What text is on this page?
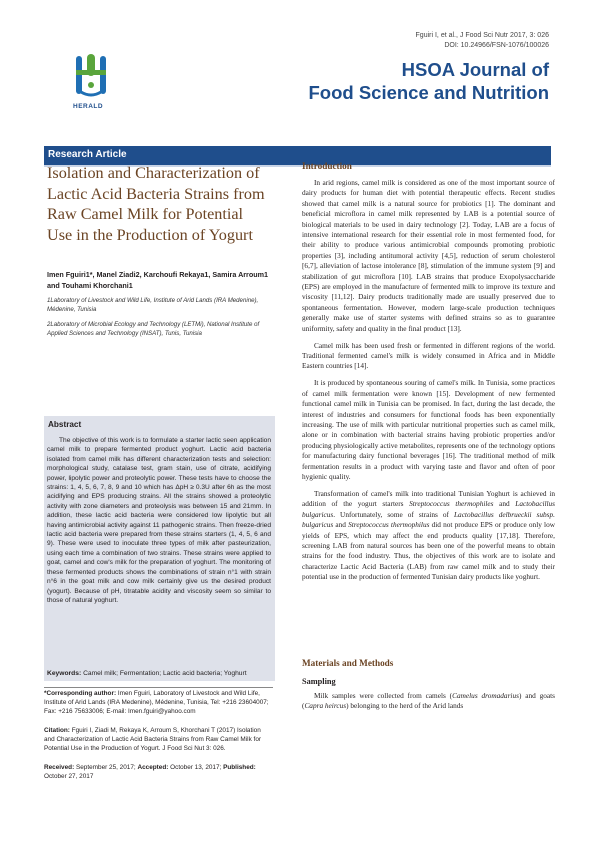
HERALD
Fguiri I, et al., J Food Sci Nutr 2017, 3: 026
DOI: 10.24966/FSN-1076/100026
HSOA Journal of
Food Science and Nutrition
Research Article
Isolation and Characterization of Lactic Acid Bacteria Strains from Raw Camel Milk for Potential Use in the Production of Yogurt
Imen Fguiri1*, Manel Ziadi2, Karchoufi Rekaya1, Samira Arroum1 and Touhami Khorchani1
1Laboratory of Livestock and Wild Life, Institute of Arid Lands (IRA Medenine), Médenine, Tunisia
2Laboratory of Microbial Ecology and Technology (LETMi), National Institute of Applied Sciences and Technology (INSAT), Tunis, Tunisia
Abstract
The objective of this work is to formulate a starter lactic seen application camel milk to prepare fermented product yoghurt. Lactic acid bacteria isolated from camel milk has different characterization tests and selection: morphological study, catalase test, gram stain, use of citrate, acidifying power, lipolytic power and proteolytic power. These tests have to choose the strains: 1, 4, 5, 6, 7, 8, 9 and 10 which has ΔpH ≥ 0.3U after 6h as the most acidifying and EPS producing strains. All the strains showed a proteolytic activity with zone diameters and proteolysis was between 15 and 21mm. In addition, these lactic acid bacteria were considered low lipolytic but all having antimicrobial activity against 11 pathogenic strains. Then freeze-dried lactic acid bacteria were prepared from these strains starters (1, 4, 5, 6 and 9). These were used to inoculate three types of milk after pasteurization, using each time a combination of two strains. These strains were applied to goat, camel and cow's milk for the preparation of yoghurt. The monitoring of these fermented products shows the combinations of strain n°1 with strain n°6 in the goat milk and cow milk certainly give us the desired product (yogurt). Because of pH, titratable acidity and viscosity seem so similar to those of natural yoghurt.
Keywords: Camel milk; Fermentation; Lactic acid bacteria; Yoghurt
*Corresponding author: Imen Fguiri, Laboratory of Livestock and Wild Life, Institute of Arid Lands (IRA Medenine), Médenine, Tunisia, Tel: +216 23604007; Fax: +216 75633006; E-mail: Imen.fguiri@yahoo.com
Citation: Fguiri I, Ziadi M, Rekaya K, Arroum S, Khorchani T (2017) Isolation and Characterization of Lactic Acid Bacteria Strains from Raw Camel Milk for Potential Use in the Production of Yogurt. J Food Sci Nut 3: 026.
Received: September 25, 2017; Accepted: October 13, 2017; Published: October 27, 2017
Introduction

In arid regions, camel milk is considered as one of the most important source of dairy products for human diet with potential therapeutic effects. Recent studies showed that camel milk is a natural source for probiotics [1]. The dominant and beneficial microflora in camel milk represented by LAB is a potential source of biological materials to be used in dairy technology [2]. Today, LAB are a focus of intensive international research for their essential role in most fermented food, for their ability to produce various antimicrobial compounds promoting probiotic properties [3], including antitumoral activity [4,5], reduction of serum cholesterol [6,7], alleviation of lactose intolerance [8], stimulation of the immune system [9] and stabilization of gut microflora [10]. LAB strains that produce Exopolysaccharide (EPS) are employed in the manufacture of fermented milk to improve its texture and viscosity [11,12]. Dairy products traditionally made are usually preserved due to spontaneous fermentation. However, modern large-scale production techniques generally make use of starter systems with defined strains so as to guarantee uniformity, safety and quality in the final product [13].

Camel milk has been used fresh or fermented in different regions of the world. Traditional fermented camel's milk is widely consumed in Africa and in Middle Eastern countries [14].

It is produced by spontaneous souring of camel's milk. In Tunisia, some practices of camel milk fermentation were known [15]. Development of new fermented functional camel milk in Tunisia can be promised. In fact, during the last decade, the interest of industries and consumers for functional foods has been exponentially increasing. The use of milk with particular nutritional properties such as camel milk, alone or in combination with bacterial strains having probiotic properties and/or producing physiologically active metabolites, represents one of the technology options for manufacturing dairy functional beverages [16]. The traditional method of milk fermentation results in a product with varying taste and flavor and often of poor hygienic quality.

Transformation of camel's milk into traditional Tunisian Yoghurt is achieved in addition of the yogurt starters Streptococcus thermophiles and Lactobacillus bulgaricus. Unfortunately, some of strains of Lactobacillus delbrueckii subsp. bulgaricus and Streptococcus thermophilus did not produce EPS or produce only low yields of EPS, which may affect the end products quality [17,18]. Therefore, screening LAB from natural sources has been one of the powerful means to obtain strains for the food industry. Thus, the objectives of this work are to isolate and characterize Lactic Acid Bacteria (LAB) from raw camel milk and to study their potential use in the production of fermented Tunisian dairy products like yoghurt.

Materials and Methods
Sampling

Milk samples were collected from camels (Camelus dromadarius) and goats (Capra heircus) belonging to the herd of the Arid lands
